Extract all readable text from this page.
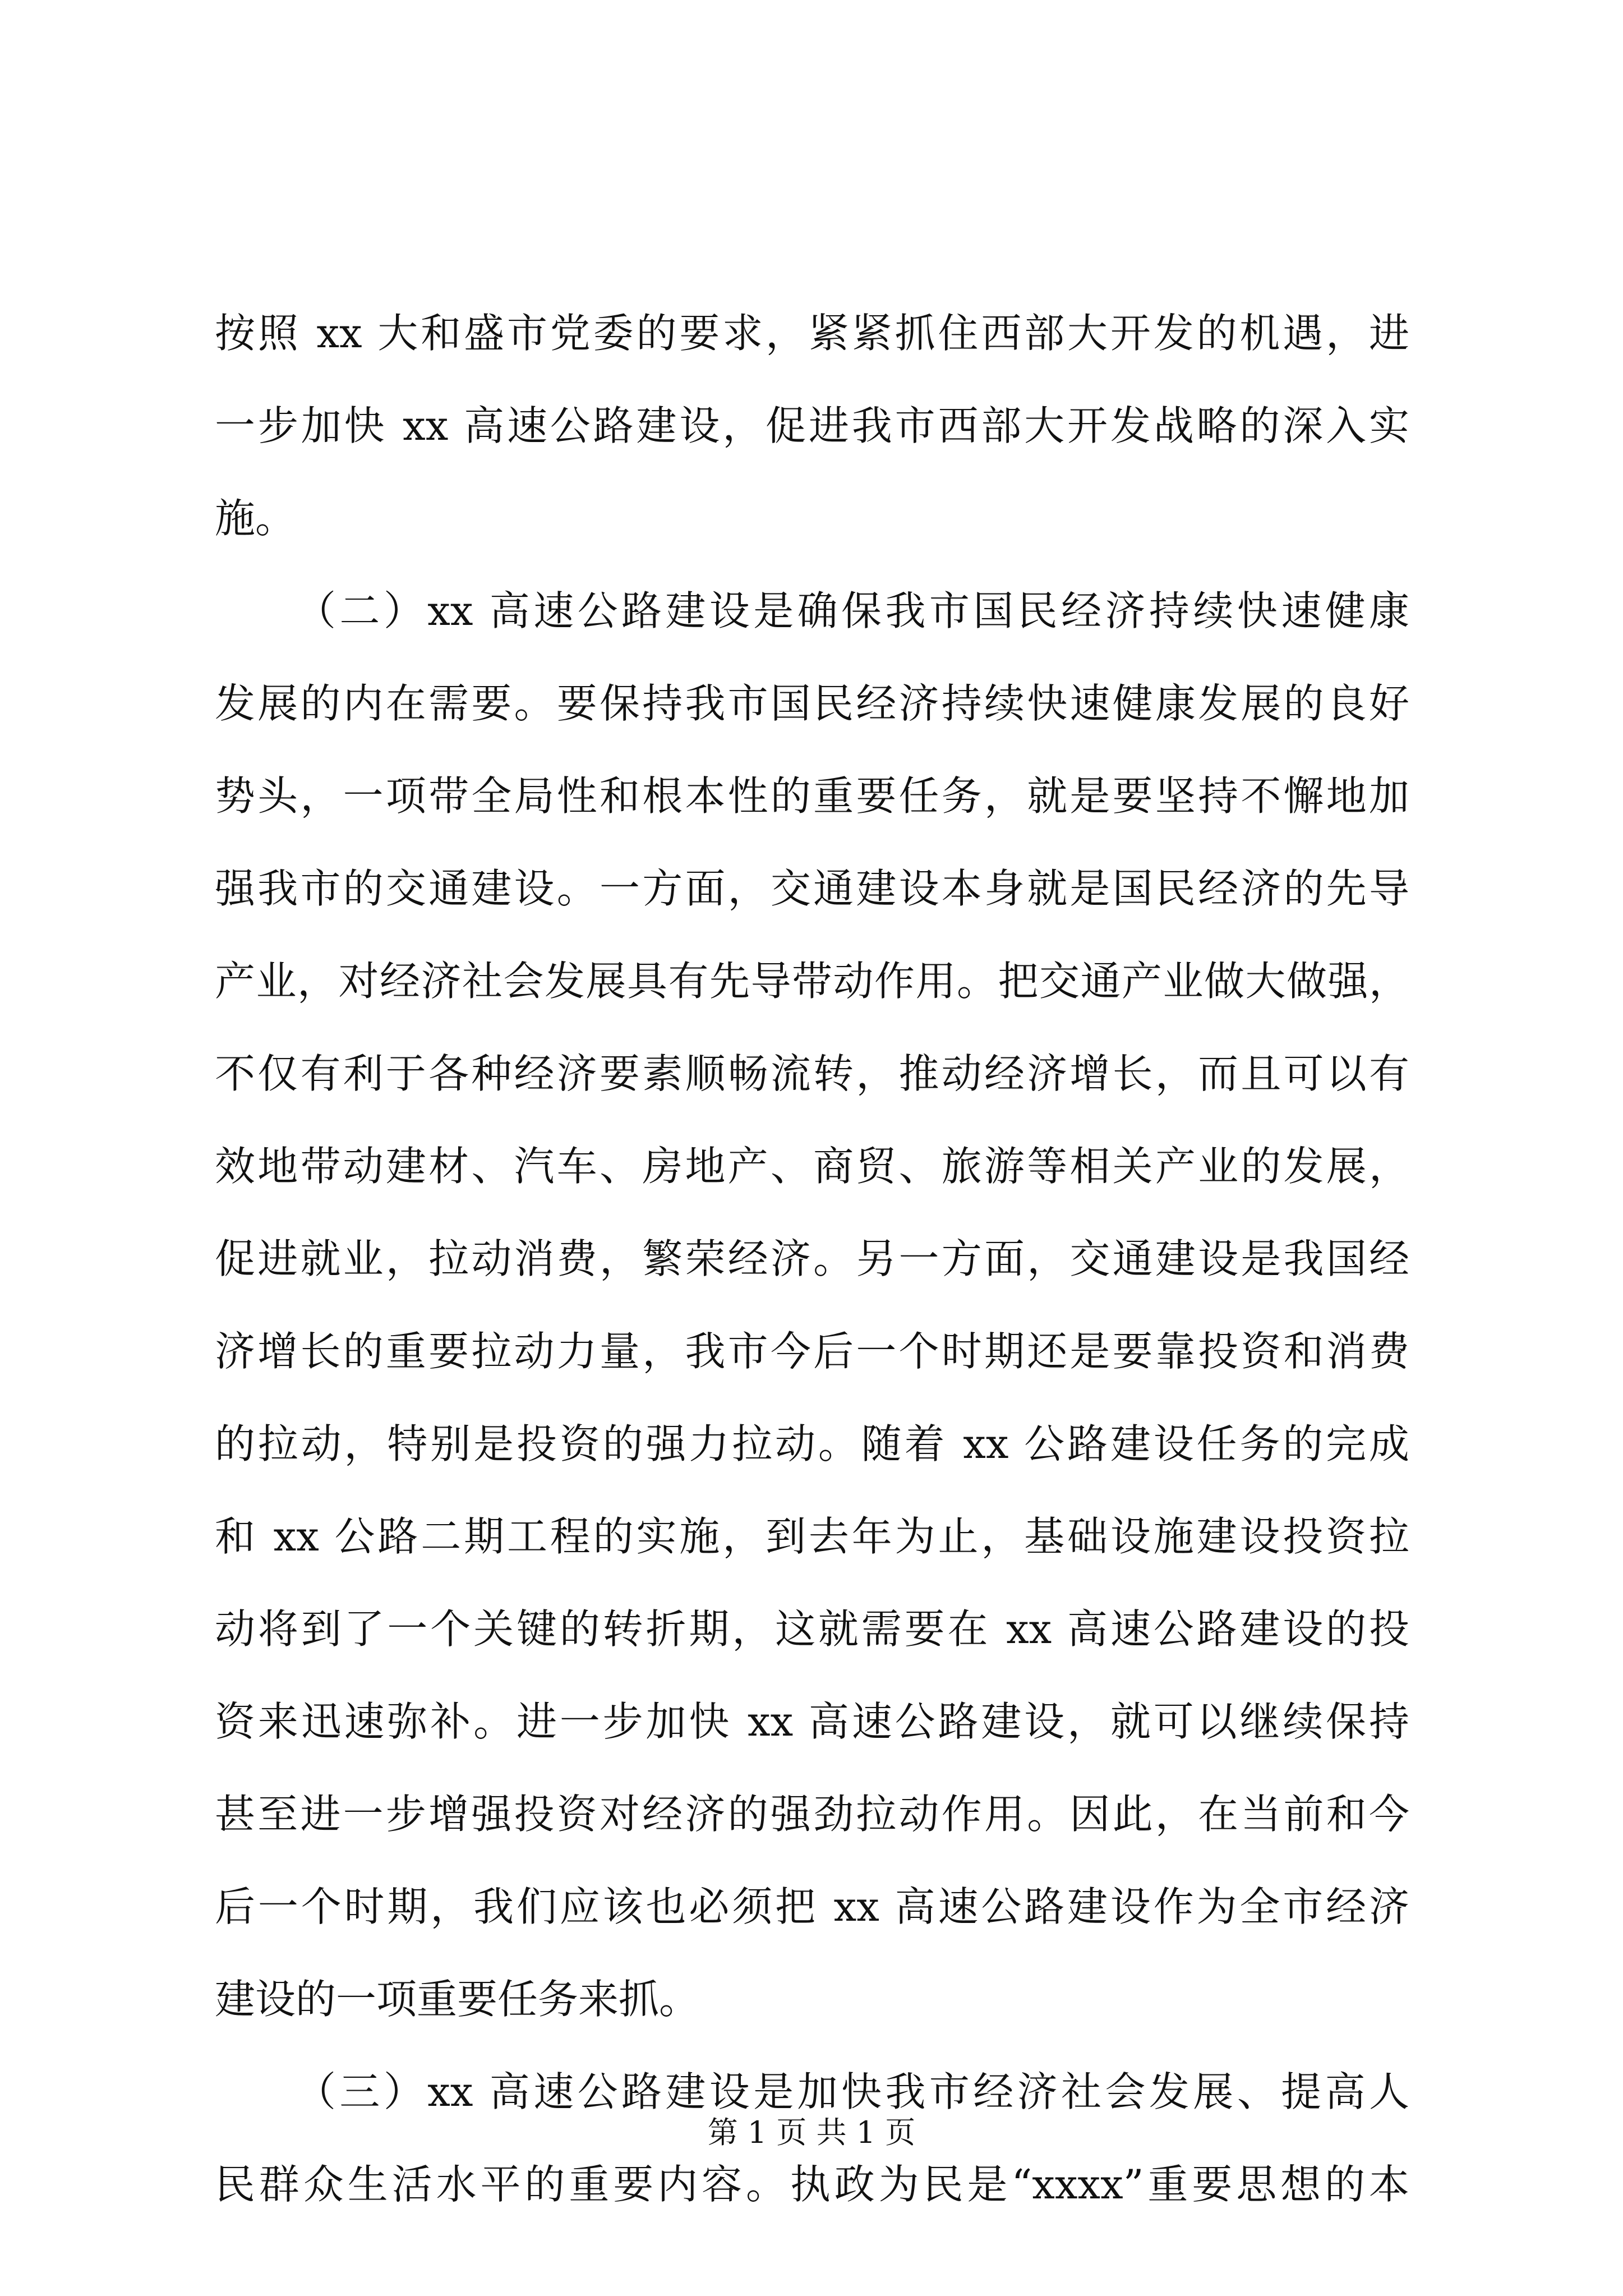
按照 xx 大和盛市党委的要求，紧紧抓住西部大开发的机遇，进
一步加快 xx 高速公路建设，促进我市西部大开发战略的深入实
施。
（二）xx 高速公路建设是确保我市国民经济持续快速健康
发展的内在需要。要保持我市国民经济持续快速健康发展的良好
势头，一项带全局性和根本性的重要任务，就是要坚持不懈地加
强我市的交通建设。一方面，交通建设本身就是国民经济的先导
产业，对经济社会发展具有先导带动作用。把交通产业做大做强，
不仅有利于各种经济要素顺畅流转，推动经济增长，而且可以有
效地带动建材、汽车、房地产、商贸、旅游等相关产业的发展，
促进就业，拉动消费，繁荣经济。另一方面，交通建设是我国经
济增长的重要拉动力量，我市今后一个时期还是要靠投资和消费
的拉动，特别是投资的强力拉动。随着 xx 公路建设任务的完成
和 xx 公路二期工程的实施，到去年为止，基础设施建设投资拉
动将到了一个关键的转折期，这就需要在 xx 高速公路建设的投
资来迅速弥补。进一步加快 xx 高速公路建设，就可以继续保持
甚至进一步增强投资对经济的强劲拉动作用。因此，在当前和今
后一个时期，我们应该也必须把 xx 高速公路建设作为全市经济
建设的一项重要任务来抓。
（三）xx 高速公路建设是加快我市经济社会发展、提高人
民群众生活水平的重要内容。执政为民是“xxxx”重要思想的本
第 1 页 共 1 页
